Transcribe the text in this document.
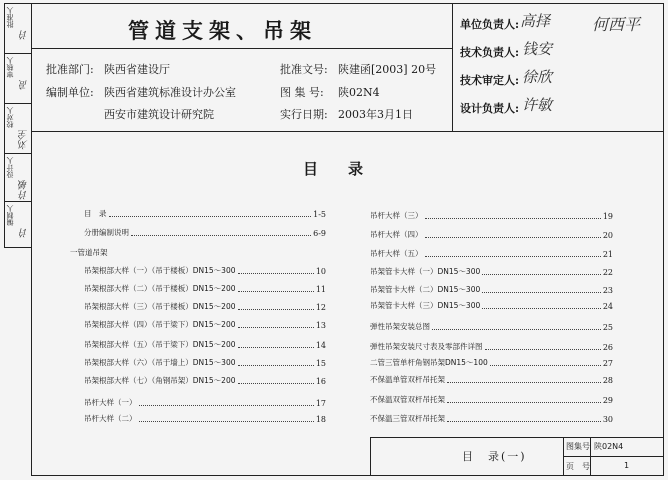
批准人
许
审核人
高
校对人
刘全
设计人
许敏
编制人
许
管道支架、吊架
批准部门: 陕西省建设厅	批准文号: 陕建函[2003] 20号
编制单位: 陕西省建筑标准设计办公室	图 集 号: 陕02N4
西安市建筑设计研究院	实行日期: 2003年3月1日
单位负责人: 高择
技术负责人: 钱安
技术审定人: 徐欣
设计负责人: 许敏
何西平
目　　录
目　录	1-5
分册编制说明	6-9
一管道吊架
吊架根部大样（一）（吊于楼板）DN15～300	10
吊架根部大样（二）（吊于楼板）DN15～200	11
吊架根部大样（三）（吊于楼板）DN15～200	12
吊架根部大样（四）（吊于梁下）DN15～200	13
吊架根部大样（五）（吊于梁下）DN15～200	14
吊架根部大样（六）（吊于墙上）DN15～300	15
吊架根部大样（七）（角钢吊架）DN15～200	16
吊杆大样（一）	17
吊杆大样（二）	18
吊杆大样（三）	19
吊杆大样（四）	20
吊杆大样（五）	21
吊架管卡大样（一）DN15～300	22
吊架管卡大样（二）DN15～300	23
吊架管卡大样（三）DN15～300	24
弹性吊架安装总图	25
弹性吊架安装尺寸表及零部件详图	26
二管三管单杆角钢吊架DN15～100	27
不保温单管双杆吊托架	28
不保温双管双杆吊托架	29
不保温三管双杆吊托架	30
目　录(一)
图集号 陕02N4
页　号	1
